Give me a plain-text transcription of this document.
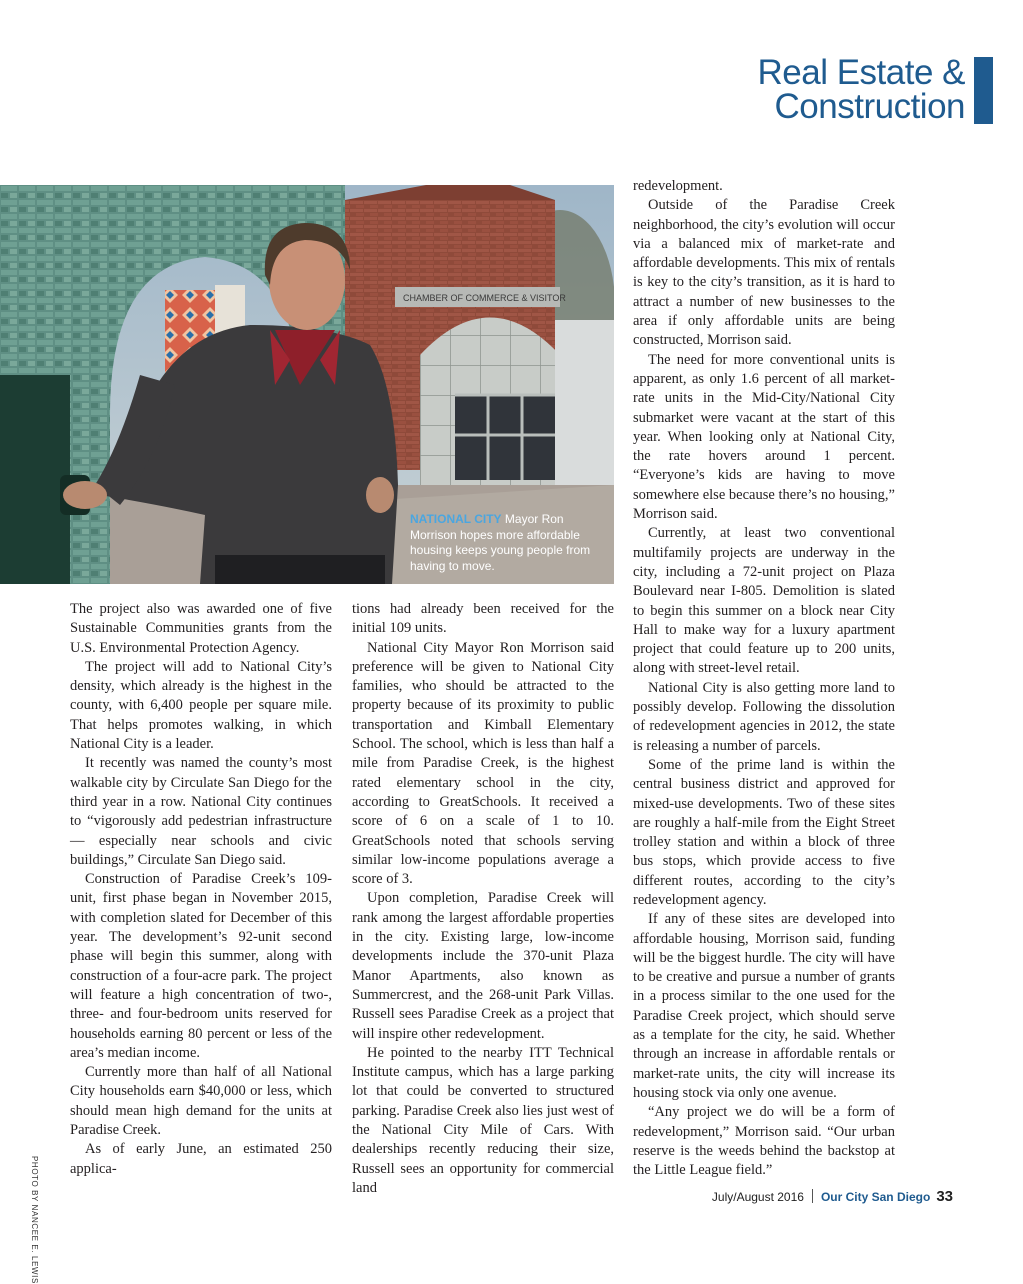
Real Estate &
Construction
CHAMBER OF COMMERCE & VISITOR
NATIONAL CITY Mayor Ron Morrison hopes more affordable housing keeps young people from having to move.
PHOTO BY NANCEE E. LEWIS

The project also was awarded one of five Sustainable Communities grants from the U.S. Environmental Protection Agency.

The project will add to National City’s density, which already is the highest in the county, with 6,400 people per square mile. That helps promotes walking, in which National City is a leader.

It recently was named the county’s most walkable city by Circulate San Diego for the third year in a row. National City continues to “vigorously add pedestrian infrastructure — especially near schools and civic buildings,” Circulate San Diego said.

Construction of Paradise Creek’s 109-unit, first phase began in November 2015, with completion slated for December of this year. The development’s 92-unit second phase will begin this summer, along with construction of a four-acre park. The project will feature a high concentration of two-, three- and four-bedroom units reserved for households earning 80 percent or less of the area’s median income.

Currently more than half of all National City households earn $40,000 or less, which should mean high demand for the units at Paradise Creek.

As of early June, an estimated 250 applica-

tions had already been received for the initial 109 units.

National City Mayor Ron Morrison said preference will be given to National City families, who should be attracted to the property because of its proximity to public transportation and Kimball Elementary School. The school, which is less than half a mile from Paradise Creek, is the highest rated elementary school in the city, according to GreatSchools. It received a score of 6 on a scale of 1 to 10. GreatSchools noted that schools serving similar low-income populations average a score of 3.

Upon completion, Paradise Creek will rank among the largest affordable properties in the city. Existing large, low-income developments include the 370-unit Plaza Manor Apartments, also known as Summercrest, and the 268-unit Park Villas. Russell sees Paradise Creek as a project that will inspire other redevelopment.

He pointed to the nearby ITT Technical Institute campus, which has a large parking lot that could be converted to structured parking. Paradise Creek also lies just west of the National City Mile of Cars. With dealerships recently reducing their size, Russell sees an opportunity for commercial land

redevelopment.

Outside of the Paradise Creek neighborhood, the city’s evolution will occur via a balanced mix of market-rate and affordable developments. This mix of rentals is key to the city’s transition, as it is hard to attract a number of new businesses to the area if only affordable units are being constructed, Morrison said.

The need for more conventional units is apparent, as only 1.6 percent of all market-rate units in the Mid-City/National City submarket were vacant at the start of this year. When looking only at National City, the rate hovers around 1 percent. “Everyone’s kids are having to move somewhere else because there’s no housing,” Morrison said.

Currently, at least two conventional multifamily projects are underway in the city, including a 72-unit project on Plaza Boulevard near I-805. Demolition is slated to begin this summer on a block near City Hall to make way for a luxury apartment project that could feature up to 200 units, along with street-level retail.

National City is also getting more land to possibly develop. Following the dissolution of redevelopment agencies in 2012, the state is releasing a number of parcels.

Some of the prime land is within the central business district and approved for mixed-use developments. Two of these sites are roughly a half-mile from the Eight Street trolley station and within a block of three bus stops, which provide access to five different routes, according to the city’s redevelopment agency.

If any of these sites are developed into affordable housing, Morrison said, funding will be the biggest hurdle. The city will have to be creative and pursue a number of grants in a process similar to the one used for the Paradise Creek project, which should serve as a template for the city, he said. Whether through an increase in affordable rentals or market-rate units, the city will increase its housing stock via only one avenue.

“Any project we do will be a form of redevelopment,” Morrison said. “Our urban reserve is the weeds behind the backstop at the Little League field.”

July/August 2016 Our City San Diego 33
